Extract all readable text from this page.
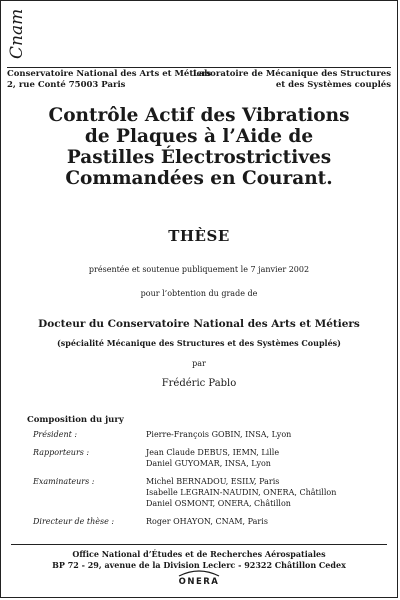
Cnam
Conservatoire National des Arts et Métiers
2, rue Conté 75003 Paris
Laboratoire de Mécanique des Structures
et des Systèmes couplés
Contrôle Actif des Vibrations
de Plaques à l’Aide de
Pastilles Électrostrictives
Commandées en Courant.
THÈSE
présentée et soutenue publiquement le 7 janvier 2002
pour l’obtention du grade de
Docteur du Conservatoire National des Arts et Métiers
(spécialité Mécanique des Structures et des Systèmes Couplés)
par
Frédéric Pablo
Composition du jury
Président :	Pierre-François GOBIN, INSA, Lyon
Rapporteurs :	Jean Claude DEBUS, IEMN, Lille
Daniel GUYOMAR, INSA, Lyon
Examinateurs :	Michel BERNADOU, ESILV, Paris
Isabelle LEGRAIN-NAUDIN, ONERA, Châtillon
Daniel OSMONT, ONERA, Châtillon
Directeur de thèse :	Roger OHAYON, CNAM, Paris
Office National d’Études et de Recherches Aérospatiales
BP 72 - 29, avenue de la Division Leclerc - 92322 Châtillon Cedex
ONERA
